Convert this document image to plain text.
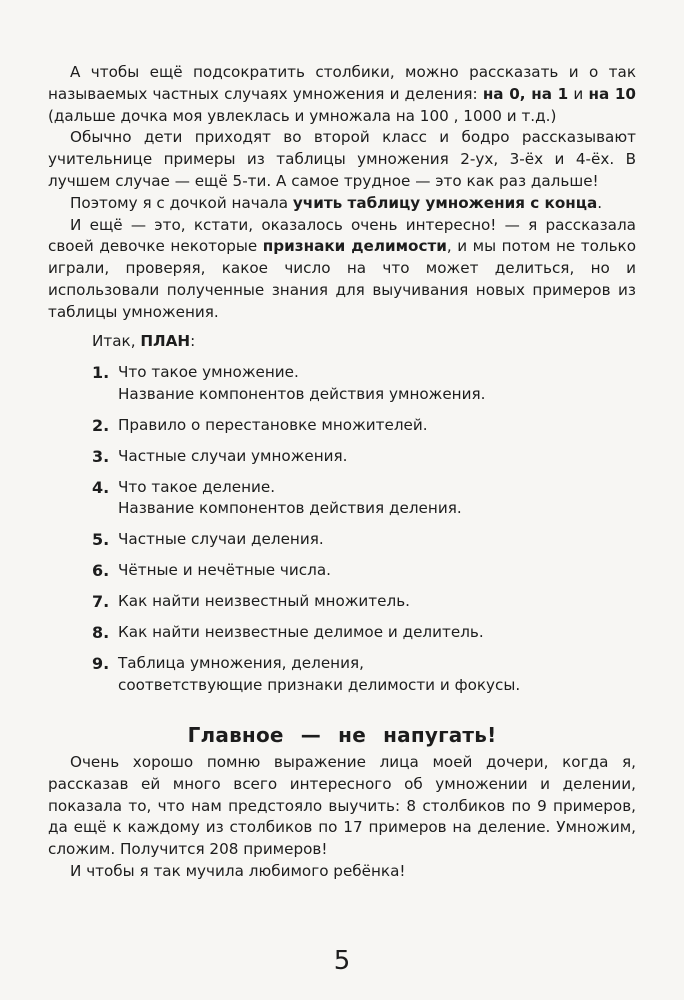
А чтобы ещё подсократить столбики, можно рассказать и о так называемых частных случаях умножения и деления: на 0, на 1 и на 10 (дальше дочка моя увлеклась и умножала на 100 , 1000 и т.д.)

Обычно дети приходят во второй класс и бодро рассказывают учительнице примеры из таблицы умножения 2-ух, 3-ёх и 4-ёх. В лучшем случае — ещё 5-ти. А самое трудное — это как раз дальше!

Поэтому я с дочкой начала учить таблицу умножения с конца.

И ещё — это, кстати, оказалось очень интересно! — я рассказала своей девочке некоторые признаки делимости, и мы потом не только играли, проверяя, какое число на что может делиться, но и использовали полученные знания для выучивания новых примеров из таблицы умножения.

Итак, ПЛАН:
1. Что такое умножение.
Название компонентов действия умножения.
2. Правило о перестановке множителей.
3. Частные случаи умножения.
4. Что такое деление.
Название компонентов действия деления.
5. Частные случаи деления.
6. Чётные и нечётные числа.
7. Как найти неизвестный множитель.
8. Как найти неизвестные делимое и делитель.
9. Таблица умножения, деления,
соответствующие признаки делимости и фокусы.
Главное — не напугать!

Очень хорошо помню выражение лица моей дочери, когда я, рассказав ей много всего интересного об умножении и делении, показала то, что нам предстояло выучить: 8 столбиков по 9 примеров, да ещё к каждому из столбиков по 17 примеров на деление. Умножим, сложим. Получится 208 примеров!

И чтобы я так мучила любимого ребёнка!

5
